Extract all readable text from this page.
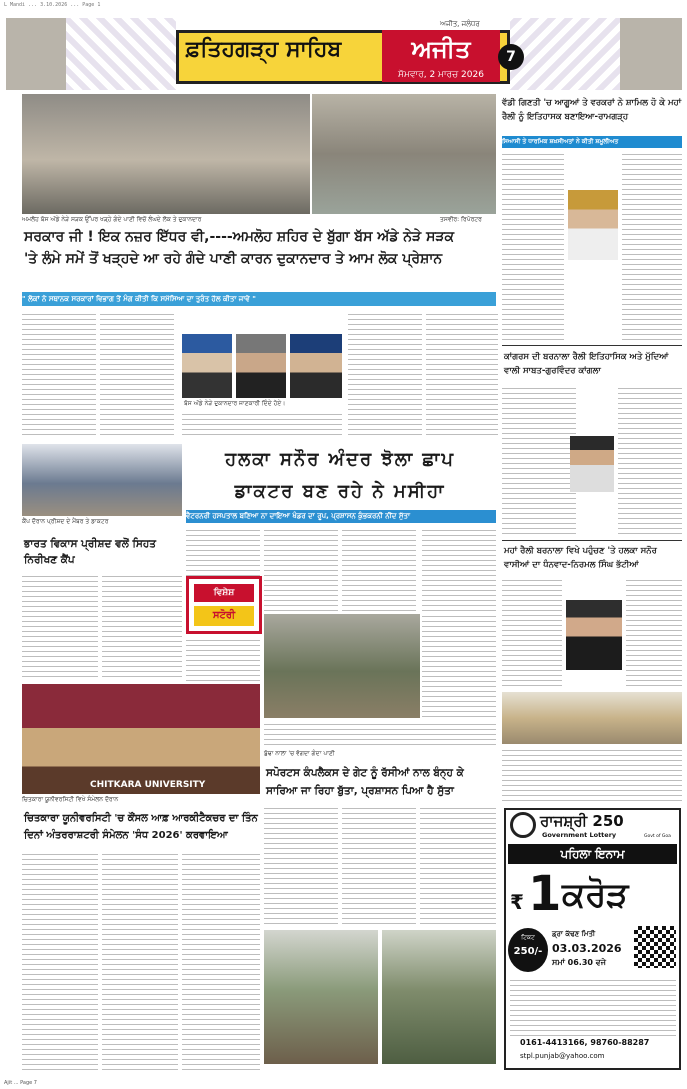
L Mandi ... 3.10.2026 ... Page 1
ਫ਼ਤਿਹਗੜ੍ਹ ਸਾਹਿਬ	ਅਜੀਤ
ਸੋਮਵਾਰ, 2 ਮਾਰਚ 2026
ਅਜੀਤ, ਜਲੰਧਰ
7
ਅਮਲੋਹ ਬੱਸ ਅੱਡੇ ਨੇੜੇ ਸੜਕ ਉੱਪਰ ਖੜ੍ਹੇ ਗੰਦੇ ਪਾਣੀ ਵਿਚੋਂ ਲੰਘਦੇ ਲੋਕ ਤੇ ਦੁਕਾਨਦਾਰ	ਤਸਵੀਰ: ਰਿਪੋਰਟਰ
ਸਰਕਾਰ ਜੀ ! ਇਕ ਨਜ਼ਰ ਇੱਧਰ ਵੀ,----ਅਮਲੋਹ ਸ਼ਹਿਰ ਦੇ ਬੁੱਗਾ ਬੱਸ ਅੱਡੇ ਨੇੜੇ ਸੜਕ
'ਤੇ ਲੰਮੇ ਸਮੇਂ ਤੋਂ ਖੜ੍ਹਦੇ ਆ ਰਹੇ ਗੰਦੇ ਪਾਣੀ ਕਾਰਨ ਦੁਕਾਨਦਾਰ ਤੇ ਆਮ ਲੋਕ ਪ੍ਰੇਸ਼ਾਨ
" ਲੋਕਾਂ ਨੇ ਸਥਾਨਕ ਸਰਕਾਰਾਂ ਵਿਭਾਗ ਤੋਂ ਮੰਗ ਕੀਤੀ ਕਿ ਸਮੱਸਿਆ ਦਾ ਤੁਰੰਤ ਹੱਲ ਕੀਤਾ ਜਾਵੇ "
ਬੱਸ ਅੱਡੇ ਨੇੜੇ ਦੁਕਾਨਦਾਰ ਜਾਣਕਾਰੀ ਦਿੰਦੇ ਹੋਏ।
ਵੱਡੀ ਗਿਣਤੀ 'ਚ ਆਗੂਆਂ ਤੇ ਵਰਕਰਾਂ ਨੇ ਸ਼ਾਮਿਲ ਹੋ ਕੇ ਮਹਾਂ ਰੈਲੀ ਨੂੰ ਇਤਿਹਾਸਕ ਬਣਾਇਆ-ਰਾਮਗੜ੍ਹ
ਸਿਆਸੀ ਤੇ ਧਾਰਮਿਕ ਸ਼ਖ਼ਸੀਅਤਾਂ ਨੇ ਕੀਤੀ ਸ਼ਮੂਲੀਅਤ
ਕਾਂਗਰਸ ਦੀ ਬਰਨਾਲਾ ਰੈਲੀ ਇਤਿਹਾਸਿਕ ਅਤੇ ਮੁੱਦਿਆਂ ਵਾਲੀ ਸਾਬਤ-ਗੁਰਵਿੰਦਰ ਕਾਂਗਲਾ
ਮਹਾਂ ਰੈਲੀ ਬਰਨਾਲਾ ਵਿਖੇ ਪਹੁੰਚਣ 'ਤੇ ਹਲਕਾ ਸਨੌਰ ਵਾਸੀਆਂ ਦਾ ਧੰਨਵਾਦ-ਨਿਰਮਲ ਸਿੰਘ ਭੱਟੀਆਂ
ਕੈਂਪ ਦੌਰਾਨ ਪ੍ਰੀਸ਼ਦ ਦੇ ਮੈਂਬਰ ਤੇ ਡਾਕਟਰ
ਭਾਰਤ ਵਿਕਾਸ ਪ੍ਰੀਸ਼ਦ ਵਲੋਂ ਸਿਹਤ ਨਿਰੀਖਣ ਕੈਂਪ
ਹਲਕਾ ਸਨੌਰ ਅੰਦਰ ਝੋਲਾ ਛਾਪ
ਡਾਕਟਰ ਬਣ ਰਹੇ ਨੇ ਮਸੀਹਾ
ਵੈਟਰਨਰੀ ਹਸਪਤਾਲ ਬਣਿਆ ਨਾ ਦਾਇਆ ਖੰਡਰ ਦਾ ਰੂਪ, ਪ੍ਰਸ਼ਾਸਨ ਕੁੰਭਕਰਨੀ ਨੀਂਦ ਸੁੱਤਾ
ਵਿਸ਼ੇਸ਼
ਸਟੋਰੀ
CHITKARA UNIVERSITY
ਚਿਤਕਾਰਾ ਯੂਨੀਵਰਸਿਟੀ ਵਿਖੇ ਸੰਮੇਲਨ ਦੌਰਾਨ
ਚਿਤਕਾਰਾ ਯੂਨੀਵਰਸਿਟੀ 'ਚ ਕੌਂਸਲ ਆਫ਼ ਆਰਕੀਟੈਕਚਰ ਦਾ ਤਿੰਨ ਦਿਨਾਂ ਅੰਤਰਰਾਸ਼ਟਰੀ ਸੰਮੇਲਨ 'ਸੰਧ 2026' ਕਰਵਾਇਆ
ਬੁੱਢਾ ਨਾਲਾ 'ਚ ਵੱਗਦਾ ਗੰਦਾ ਪਾਣੀ
ਸਪੋਰਟਸ ਕੰਪਲੈਕਸ ਦੇ ਗੇਟ ਨੂੰ ਰੱਸੀਆਂ ਨਾਲ ਬੰਨ੍ਹ ਕੇ ਸਾਰਿਆ ਜਾ ਰਿਹਾ ਬੁੱਤਾ, ਪ੍ਰਸ਼ਾਸਨ ਪਿਆ ਹੈ ਸੁੱਤਾ
ਰਾਜਸ਼੍ਰੀ 250
Government Lottery	Govt of Goa
ਪਹਿਲਾ ਇਨਾਮ
₹ 1 ਕਰੋੜ
ਟਿਕਟ
250/-
ਡ੍ਰਾ ਕੱਢਣ ਮਿਤੀ
03.03.2026
ਸਮਾਂ 06.30 ਵਜੇ
0161-4413166, 98760-88287
stpl.punjab@yahoo.com
Ajit ... Page 7
